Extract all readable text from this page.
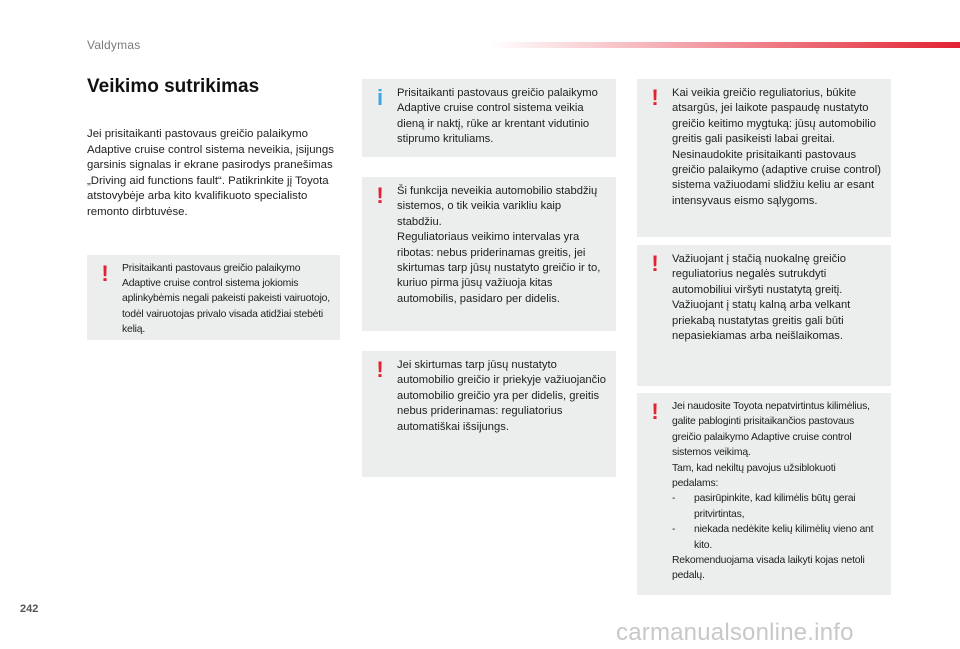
Valdymas
Veikimo sutrikimas
Jei prisitaikanti pastovaus greičio palaikymo Adaptive cruise control sistema neveikia, įsijungs garsinis signalas ir ekrane pasirodys pranešimas „Driving aid functions fault“. Patikrinkite jį Toyota atstovybėje arba kito kvalifikuoto specialisto remonto dirbtuvėse.
!	Prisitaikanti pastovaus greičio palaikymo Adaptive cruise control sistema jokiomis aplinkybėmis negali pakeisti pakeisti vairuotojo, todėl vairuotojas privalo visada atidžiai stebėti kelią.
i	Prisitaikanti pastovaus greičio palaikymo Adaptive cruise control sistema veikia dieną ir naktį, rūke ar krentant vidutinio stiprumo krituliams.
! Ši funkcija neveikia automobilio stabdžių sistemos, o tik veikia varikliu kaip stabdžiu.
Reguliatoriaus veikimo intervalas yra ribotas: nebus priderinamas greitis, jei skirtumas tarp jūsų nustatyto greičio ir to, kuriuo pirma jūsų važiuoja kitas automobilis, pasidaro per didelis.
! Jei skirtumas tarp jūsų nustatyto automobilio greičio ir priekyje važiuojančio automobilio greičio yra per didelis, greitis nebus priderinamas: reguliatorius automatiškai išsijungs.
! Kai veikia greičio reguliatorius, būkite atsargūs, jei laikote paspaudę nustatyto greičio keitimo mygtuką: jūsų automobilio greitis gali pasikeisti labai greitai.
Nesinaudokite prisitaikanti pastovaus greičio palaikymo (adaptive cruise control) sistema važiuodami slidžiu keliu ar esant intensyvaus eismo sąlygoms.
! Važiuojant į stačią nuokalnę greičio reguliatorius negalės sutrukdyti automobiliui viršyti nustatytą greitį.
Važiuojant į statų kalną arba velkant priekabą nustatytas greitis gali būti nepasiekiamas arba neišlaikomas.
!	Jei naudosite Toyota nepatvirtintus kilimėlius, galite pabloginti prisitaikančios pastovaus greičio palaikymo Adaptive cruise control sistemos veikimą.
Tam, kad nekiltų pavojus užsiblokuoti pedalams:
-	pasirūpinkite, kad kilimėlis būtų gerai pritvirtintas,
-	niekada nedėkite kelių kilimėlių vieno ant kito.
Rekomenduojama visada laikyti kojas netoli pedalų.
242
carmanualsonline.info
